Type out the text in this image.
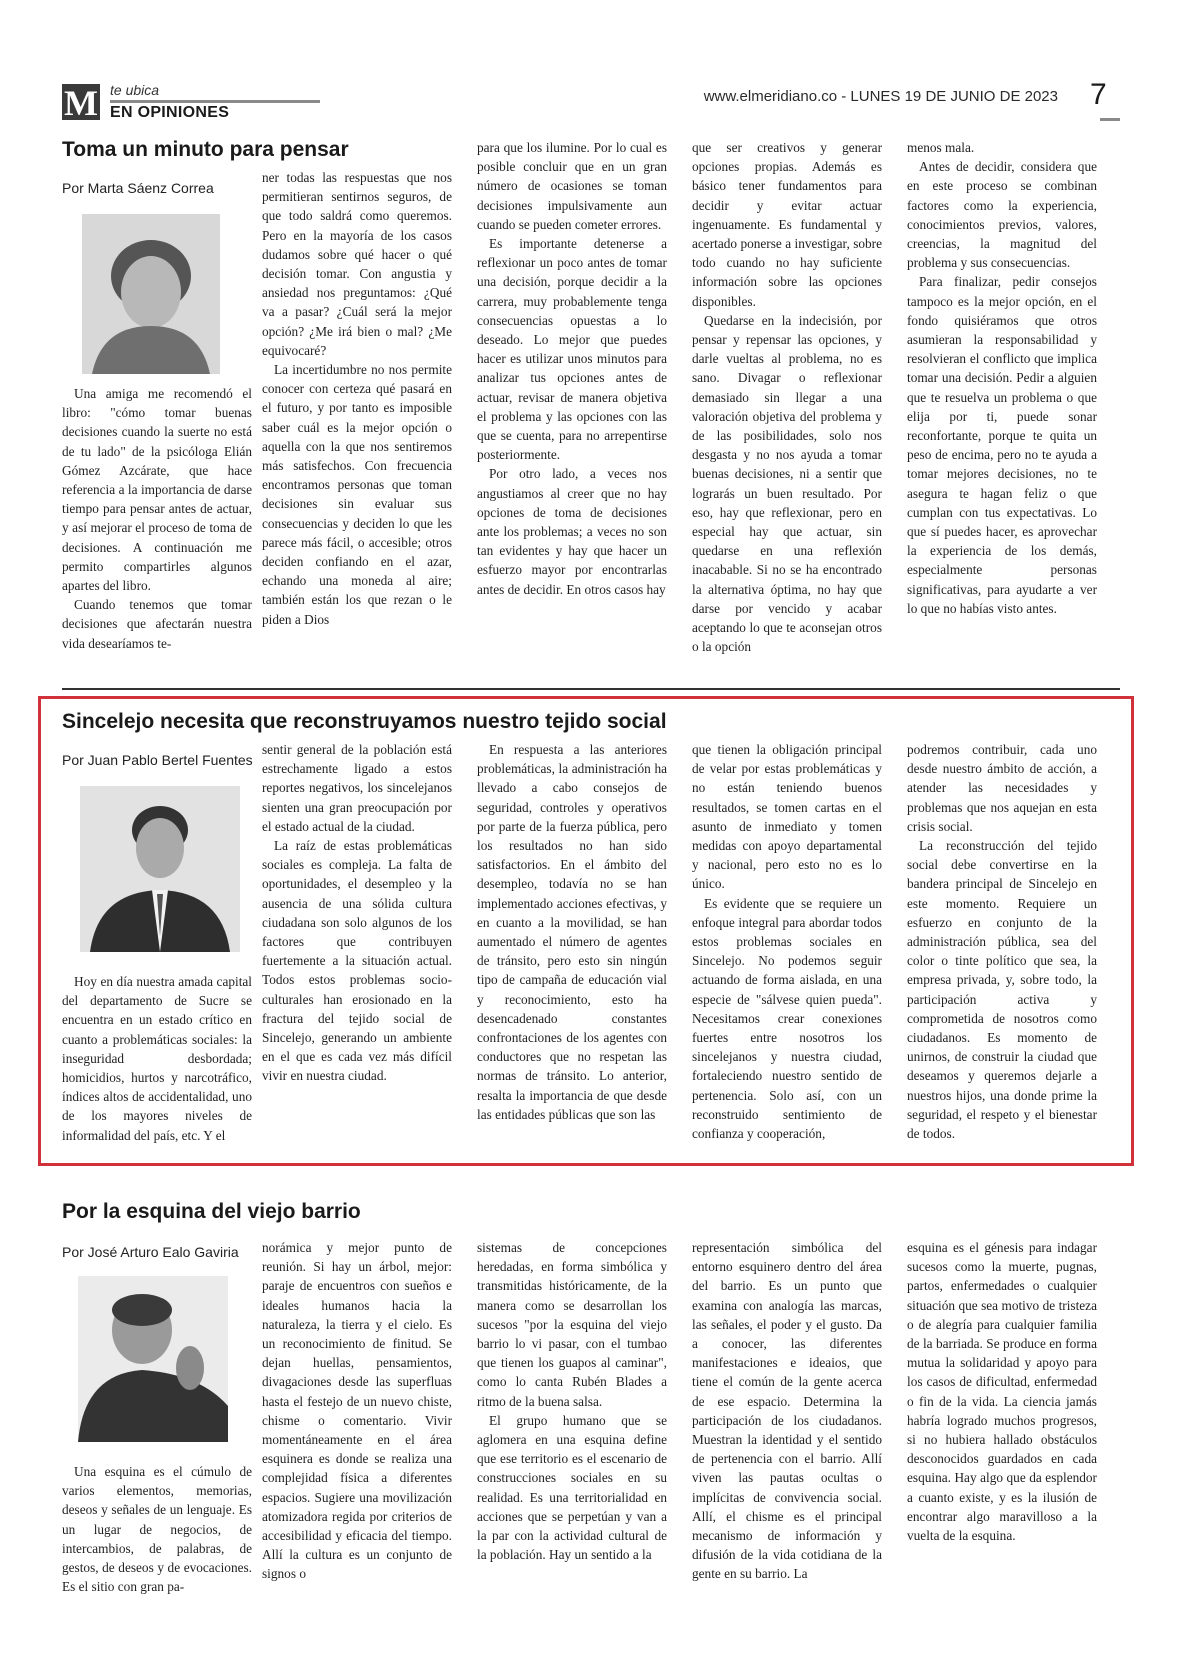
M te ubica
EN OPINIONES
www.elmeridiano.co - LUNES 19 DE JUNIO DE 2023 7
Toma un minuto para pensar
Por Marta Sáenz Correa

Una amiga me recomendó el libro: "cómo tomar buenas decisiones cuando la suerte no está de tu lado" de la psicóloga Elián Gómez Azcárate, que hace referencia a la importancia de darse tiempo para pensar antes de actuar, y así mejorar el proceso de toma de decisiones. A continuación me permito compartirles algunos apartes del libro.

Cuando tenemos que tomar decisiones que afectarán nuestra vida desearíamos te-

ner todas las respuestas que nos permitieran sentirnos seguros, de que todo saldrá como queremos. Pero en la mayoría de los casos dudamos sobre qué hacer o qué decisión tomar. Con angustia y ansiedad nos preguntamos: ¿Qué va a pasar? ¿Cuál será la mejor opción? ¿Me irá bien o mal? ¿Me equivocaré?

La incertidumbre no nos permite conocer con certeza qué pasará en el futuro, y por tanto es imposible saber cuál es la mejor opción o aquella con la que nos sentiremos más satisfechos. Con frecuencia encontramos personas que toman decisiones sin evaluar sus consecuencias y deciden lo que les parece más fácil, o accesible; otros deciden confiando en el azar, echando una moneda al aire; también están los que rezan o le piden a Dios

para que los ilumine. Por lo cual es posible concluir que en un gran número de ocasiones se toman decisiones impulsivamente aun cuando se pueden cometer errores.

Es importante detenerse a reflexionar un poco antes de tomar una decisión, porque decidir a la carrera, muy probablemente tenga consecuencias opuestas a lo deseado. Lo mejor que puedes hacer es utilizar unos minutos para analizar tus opciones antes de actuar, revisar de manera objetiva el problema y las opciones con las que se cuenta, para no arrepentirse posteriormente.

Por otro lado, a veces nos angustiamos al creer que no hay opciones de toma de decisiones ante los problemas; a veces no son tan evidentes y hay que hacer un esfuerzo mayor por encontrarlas antes de decidir. En otros casos hay

que ser creativos y generar opciones propias. Además es básico tener fundamentos para decidir y evitar actuar ingenuamente. Es fundamental y acertado ponerse a investigar, sobre todo cuando no hay suficiente información sobre las opciones disponibles.

Quedarse en la indecisión, por pensar y repensar las opciones, y darle vueltas al problema, no es sano. Divagar o reflexionar demasiado sin llegar a una valoración objetiva del problema y de las posibilidades, solo nos desgasta y no nos ayuda a tomar buenas decisiones, ni a sentir que lograrás un buen resultado. Por eso, hay que reflexionar, pero en especial hay que actuar, sin quedarse en una reflexión inacabable. Si no se ha encontrado la alternativa óptima, no hay que darse por vencido y acabar aceptando lo que te aconsejan otros o la opción

menos mala.

Antes de decidir, considera que en este proceso se combinan factores como la experiencia, conocimientos previos, valores, creencias, la magnitud del problema y sus consecuencias.

Para finalizar, pedir consejos tampoco es la mejor opción, en el fondo quisiéramos que otros asumieran la responsabilidad y resolvieran el conflicto que implica tomar una decisión. Pedir a alguien que te resuelva un problema o que elija por ti, puede sonar reconfortante, porque te quita un peso de encima, pero no te ayuda a tomar mejores decisiones, no te asegura te hagan feliz o que cumplan con tus expectativas. Lo que sí puedes hacer, es aprovechar la experiencia de los demás, especialmente personas significativas, para ayudarte a ver lo que no habías visto antes.

Sincelejo necesita que reconstruyamos nuestro tejido social
Por Juan Pablo Bertel Fuentes

Hoy en día nuestra amada capital del departamento de Sucre se encuentra en un estado crítico en cuanto a problemáticas sociales: la inseguridad desbordada; homicidios, hurtos y narcotráfico, índices altos de accidentalidad, uno de los mayores niveles de informalidad del país, etc. Y el

sentir general de la población está estrechamente ligado a estos reportes negativos, los sincelejanos sienten una gran preocupación por el estado actual de la ciudad.

La raíz de estas problemáticas sociales es compleja. La falta de oportunidades, el desempleo y la ausencia de una sólida cultura ciudadana son solo algunos de los factores que contribuyen fuertemente a la situación actual. Todos estos problemas socio-culturales han erosionado en la fractura del tejido social de Sincelejo, generando un ambiente en el que es cada vez más difícil vivir en nuestra ciudad.

En respuesta a las anteriores problemáticas, la administración ha llevado a cabo consejos de seguridad, controles y operativos por parte de la fuerza pública, pero los resultados no han sido satisfactorios. En el ámbito del desempleo, todavía no se han implementado acciones efectivas, y en cuanto a la movilidad, se han aumentado el número de agentes de tránsito, pero esto sin ningún tipo de campaña de educación vial y reconocimiento, esto ha desencadenado constantes confrontaciones de los agentes con conductores que no respetan las normas de tránsito. Lo anterior, resalta la importancia de que desde las entidades públicas que son las

que tienen la obligación principal de velar por estas problemáticas y no están teniendo buenos resultados, se tomen cartas en el asunto de inmediato y tomen medidas con apoyo departamental y nacional, pero esto no es lo único.

Es evidente que se requiere un enfoque integral para abordar todos estos problemas sociales en Sincelejo. No podemos seguir actuando de forma aislada, en una especie de "sálvese quien pueda". Necesitamos crear conexiones fuertes entre nosotros los sincelejanos y nuestra ciudad, fortaleciendo nuestro sentido de pertenencia. Solo así, con un reconstruido sentimiento de confianza y cooperación,

podremos contribuir, cada uno desde nuestro ámbito de acción, a atender las necesidades y problemas que nos aquejan en esta crisis social.

La reconstrucción del tejido social debe convertirse en la bandera principal de Sincelejo en este momento. Requiere un esfuerzo en conjunto de la administración pública, sea del color o tinte político que sea, la empresa privada, y, sobre todo, la participación activa y comprometida de nosotros como ciudadanos. Es momento de unirnos, de construir la ciudad que deseamos y queremos dejarle a nuestros hijos, una donde prime la seguridad, el respeto y el bienestar de todos.

Por la esquina del viejo barrio
Por José Arturo Ealo Gaviria

Una esquina es el cúmulo de varios elementos, memorias, deseos y señales de un lenguaje. Es un lugar de negocios, de intercambios, de palabras, de gestos, de deseos y de evocaciones. Es el sitio con gran pa-

norámica y mejor punto de reunión. Si hay un árbol, mejor: paraje de encuentros con sueños e ideales humanos hacia la naturaleza, la tierra y el cielo. Es un reconocimiento de finitud. Se dejan huellas, pensamientos, divagaciones desde las superfluas hasta el festejo de un nuevo chiste, chisme o comentario. Vivir momentáneamente en el área esquinera es donde se realiza una complejidad física a diferentes espacios. Sugiere una movilización atomizadora regida por criterios de accesibilidad y eficacia del tiempo. Allí la cultura es un conjunto de signos o

sistemas de concepciones heredadas, en forma simbólica y transmitidas históricamente, de la manera como se desarrollan los sucesos "por la esquina del viejo barrio lo vi pasar, con el tumbao que tienen los guapos al caminar", como lo canta Rubén Blades a ritmo de la buena salsa.

El grupo humano que se aglomera en una esquina define que ese territorio es el escenario de construcciones sociales en su realidad. Es una territorialidad en acciones que se perpetúan y van a la par con la actividad cultural de la población. Hay un sentido a la

representación simbólica del entorno esquinero dentro del área del barrio. Es un punto que examina con analogía las marcas, las señales, el poder y el gusto. Da a conocer, las diferentes manifestaciones e ideaios, que tiene el común de la gente acerca de ese espacio. Determina la participación de los ciudadanos. Muestran la identidad y el sentido de pertenencia con el barrio. Allí viven las pautas ocultas o implícitas de convivencia social. Allí, el chisme es el principal mecanismo de información y difusión de la vida cotidiana de la gente en su barrio. La

esquina es el génesis para indagar sucesos como la muerte, pugnas, partos, enfermedades o cualquier situación que sea motivo de tristeza o de alegría para cualquier familia de la barriada. Se produce en forma mutua la solidaridad y apoyo para los casos de dificultad, enfermedad o fin de la vida. La ciencia jamás habría logrado muchos progresos, si no hubiera hallado obstáculos desconocidos guardados en cada esquina. Hay algo que da esplendor a cuanto existe, y es la ilusión de encontrar algo maravilloso a la vuelta de la esquina.
